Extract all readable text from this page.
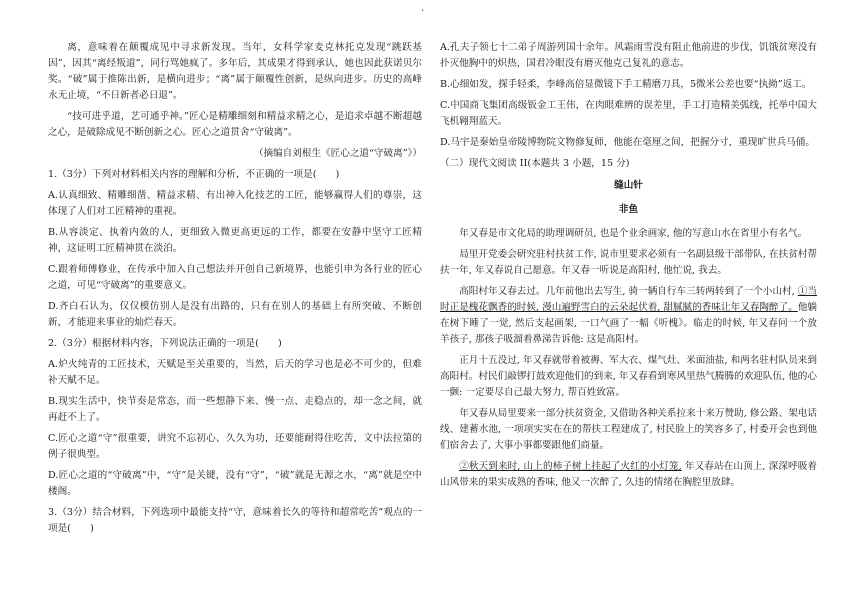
.

离，意味着在颠覆成见中寻求新发现。当年，女科学家麦克林托克发现“跳跃基因”，因其“离经叛道”，同行骂她疯了。多年后，其成果才得到承认，她也因此获诺贝尔奖。“破”属于推陈出新，是横向进步；“离”属于颠覆性创新，是纵向进步。历史的高峰永无止境，“不日新者必日退”。

“技可进乎道，艺可通乎神。”匠心是精雕细刻和精益求精之心，是追求卓越不断超越之心，是破除成见不断创新之心。匠心之道贯舍“守破离”。

（摘编自刘根生《匠心之道“守破离”》）

1.（3分）下列对材料相关内容的理解和分析，不正确的一项是(　　)

A.认真细致、精雕细凿、精益求精、有出神入化技艺的工匠，能够赢得人们的尊崇，这体现了人们对工匠精神的重视。

B.从容淡定、执着内敛的人，更细致入微更高更远的工作，都要在安静中坚守工匠精神，这证明工匠精神贯在淡泊。

C.跟着师傅修业，在传承中加入自己想法并开创自己新境界，也能引申为各行业的匠心之道，可见“守破离”的重要意义。

D.齐白石认为，仅仅模仿别人是没有出路的，只有在别人的基础上有所突破、不断创新，才能迎来事业的灿烂春天。

2.（3分）根据材料内容，下列说法正确的一项是(　　)

A.炉火纯青的工匠技术，天赋是至关重要的，当然，后天的学习也是必不可少的，但难补天赋不足。

B.现实生活中，快节奏是常态，而一些想静下来、慢一点、走稳点的，却一念之间，就再赶不上了。

C.匠心之道“守”很重要，讲究不忘初心、久久为功，还要能耐得住吃苦，文中法拉第的例子很典型。

D.匠心之道的“守破离”中，“守”是关键，没有“守”，“破”就是无源之水，“离”就是空中楼阁。

3.（3分）结合材料，下列选项中最能支持“守，意味着长久的等待和超常吃苦”观点的一项是(　　)

A.孔夫子领七十二弟子周游列国十余年。风霜雨雪没有阻止他前进的步伐，饥饿贫寒没有扑灭他胸中的炽热，国君冷眼没有磨灭他克己复礼的意志。

B.心细如发，探手轻柔，李峰高倍显微镜下手工精磨刀具，5微米公差也要“执拗”返工。

C.中国商飞集团高级钣金工王伟，在肉眼难辨的误差里，手工打造精美弧线，托举中国大飞机翱翔蓝天。

D.马宇是秦始皇帝陵博物院文物修复师，他能在毫厘之间，把握分寸，重现旷世兵马俑。

（二）现代文阅读 II(本题共 3 小题，15 分)

缝山针

非鱼

年又春是市文化局的助理调研员, 也是个业余画家, 他的写意山水在省里小有名气。

局里开党委会研究驻村扶贫工作, 说市里要求必须有一名副县级干部带队, 在扶贫村帮扶一年, 年又春说自己愿意。年又春一听说是高阳村, 他忙说, 我去。

高阳村年又春去过。几年前他出去写生, 骑一辆自行车三转两转到了一个小山村, ①当时正是槐花飘香的时候, 漫山遍野雪白的云朵起伏着, 甜腻腻的香味让年又春陶醉了。他躺在树下睡了一觉, 然后支起画架, 一口气画了一幅《听槐》。临走的时候, 年又春问一个放羊孩子, 那孩子吸溜着鼻涕告诉他: 这是高阳村。

正月十五没过, 年又春就带着被褥、军大衣、煤气灶、米面油盐, 和两名驻村队员来到高阳村。村民们敲锣打鼓欢迎他们的到来, 年又春看到寒风里热气腾腾的欢迎队伍, 他的心一颤: 一定要尽自己最大努力, 帮百姓致富。

年又春从局里要来一部分扶贫资金, 又借助各种关系拉来十来万赞助, 修公路、架电话线、建蓄水池, 一项项实实在在的帮扶工程建成了, 村民脸上的笑容多了, 村委开会也到他们宿舍去了, 大事小事都要跟他们商量。

②秋天到来时, 山上的柿子树上挂起了火红的小灯笼, 年又春站在山顶上, 深深呼吸着山风带来的果实成熟的香味, 他又一次醉了, 久违的情绪在胸腔里放肆。
